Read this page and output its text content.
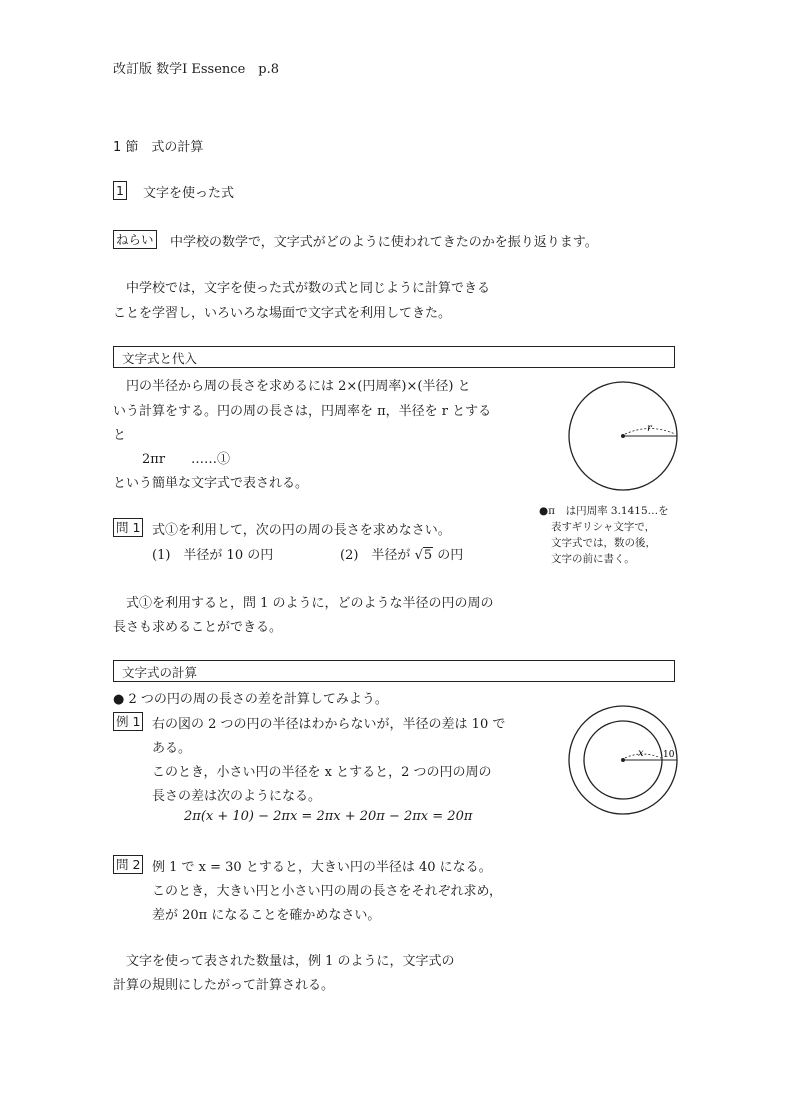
改訂版 数学Ⅰ Essence　p.8
1 節　式の計算
1 文字を使った式
ねらい 中学校の数学で，文字式がどのように使われてきたのかを振り返ります。
中学校では，文字を使った式が数の式と同じように計算できる
ことを学習し，いろいろな場面で文字式を利用してきた。
文字式と代入
円の半径から周の長さを求めるには 2×(円周率)×(半径) と
いう計算をする。円の周の長さは，円周率を π，半径を r とする
と
2πr　　……①
という簡単な文字式で表される。
r
●π　は円周率 3.1415…を
表すギリシャ文字で，
文字式では，数の後，
文字の前に書く。
問 1 式①を利用して，次の円の周の長さを求めなさい。
(1)　半径が 10 の円	(2)　半径が √5 の円
式①を利用すると，問 1 のように，どのような半径の円の周の
長さも求めることができる。
文字式の計算
● 2 つの円の周の長さの差を計算してみよう。
例 1 右の図の 2 つの円の半径はわからないが，半径の差は 10 で
ある。
このとき，小さい円の半径を x とすると，2 つの円の周の
長さの差は次のようになる。
2π(x + 10) − 2πx = 2πx + 20π − 2πx = 20π
x 10
問 2 例 1 で x = 30 とすると，大きい円の半径は 40 になる。
このとき，大きい円と小さい円の周の長さをそれぞれ求め，
差が 20π になることを確かめなさい。
文字を使って表された数量は，例 1 のように，文字式の
計算の規則にしたがって計算される。
